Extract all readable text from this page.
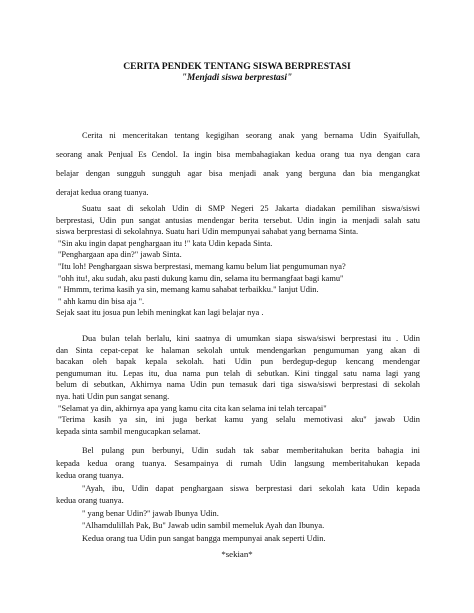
CERITA PENDEK TENTANG SISWA BERPRESTASI
"Menjadi siswa berprestasi"

Cerita ni menceritakan tentang kegigihan seorang anak yang bernama Udin Syaifullah,

seorang anak Penjual Es Cendol. Ia ingin bisa membahagiakan kedua orang tua nya dengan cara

belajar dengan sungguh sungguh agar bisa menjadi anak yang berguna dan bia mengangkat

derajat kedua orang tuanya.

Suatu saat di sekolah Udin di SMP Negeri 25 Jakarta diadakan pemilihan siswa/siswi

berprestasi, Udin pun sangat antusias mendengar berita tersebut. Udin ingin ia menjadi salah satu

siswa berprestasi di sekolahnya. Suatu hari Udin mempunyai sahabat yang bernama Sinta.

"Sin aku ingin dapat penghargaan itu !" kata Udin kepada Sinta.

"Penghargaan apa din?" jawab Sinta.

"Itu loh! Penghargaan siswa berprestasi, memang kamu belum liat pengumuman nya?

"ohh itu!, aku sudah, aku pasti dukung kamu din, selama itu bermangfaat bagi kamu"

" Hmmm, terima kasih ya sin, memang kamu sahabat terbaikku." lanjut Udin.

" ahh kamu din bisa aja ".

Sejak saat itu josua pun lebih meningkat kan lagi belajar nya .

Dua bulan telah berlalu, kini saatnya di umumkan siapa siswa/siswi berprestasi itu . Udin

dan Sinta cepat-cepat ke halaman sekolah untuk mendengarkan pengumuman yang akan di

bacakan oleh bapak kepala sekolah. hati Udin pun berdegup-degup kencang mendengar

pengumuman itu. Lepas itu, dua nama pun telah di sebutkan. Kini tinggal satu nama lagi yang

belum di sebutkan, Akhirnya nama Udin pun temasuk dari tiga siswa/siswi berprestasi di sekolah

nya. hati Udin pun sangat senang.

"Selamat ya din, akhirnya apa yang kamu cita cita kan selama ini telah tercapai"

"Terima kasih ya sin, ini juga berkat kamu yang selalu memotivasi aku" jawab Udin

kepada sinta sambil mengucapkan selamat.

Bel pulang pun berbunyi, Udin sudah tak sabar memberitahukan berita bahagia ini

kepada kedua orang tuanya. Sesampainya di rumah Udin langsung memberitahukan kepada

kedua orang tuanya.

"Ayah, ibu, Udin dapat penghargaan siswa berprestasi dari sekolah kata Udin kepada

kedua orang tuanya.

" yang benar Udin?" jawab Ibunya Udin.

"Alhamdulillah Pak, Bu" Jawab udin sambil memeluk Ayah dan Ibunya.

Kedua orang tua Udin pun sangat bangga mempunyai anak seperti Udin.

*sekian*
